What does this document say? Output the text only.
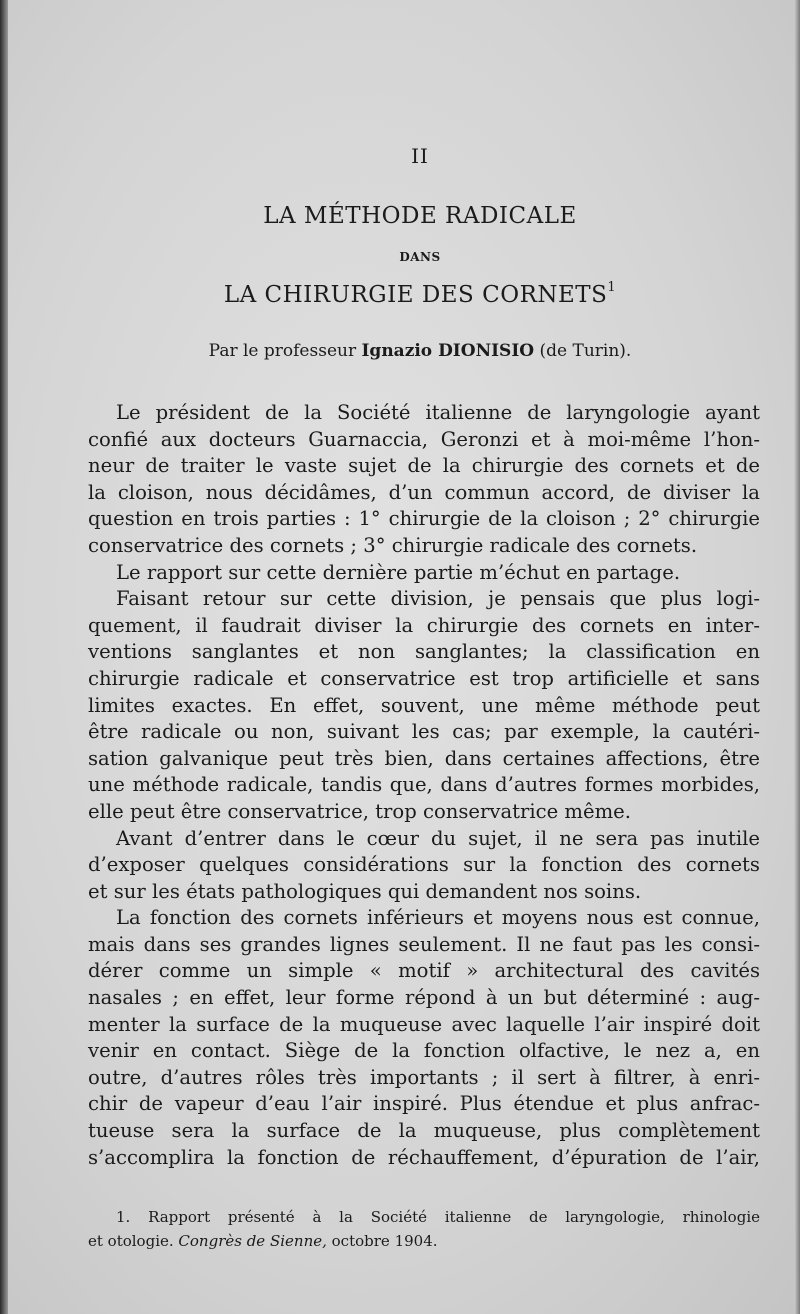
II
LA MÉTHODE RADICALE
DANS
LA CHIRURGIE DES CORNETS$^1$
Par le professeur Ignazio DIONISIO (de Turin).
Le président de la Société italienne de laryngologie ayant
confié aux docteurs Guarnaccia, Geronzi et à moi-même l’hon-
neur de traiter le vaste sujet de la chirurgie des cornets et de
la cloison, nous décidâmes, d’un commun accord, de diviser la
question en trois parties : 1° chirurgie de la cloison ; 2° chirurgie
conservatrice des cornets ; 3° chirurgie radicale des cornets.
Le rapport sur cette dernière partie m’échut en partage.
Faisant retour sur cette division, je pensais que plus logi-
quement, il faudrait diviser la chirurgie des cornets en inter-
ventions sanglantes et non sanglantes; la classification en
chirurgie radicale et conservatrice est trop artificielle et sans
limites exactes. En effet, souvent, une même méthode peut
être radicale ou non, suivant les cas; par exemple, la cautéri-
sation galvanique peut très bien, dans certaines affections, être
une méthode radicale, tandis que, dans d’autres formes morbides,
elle peut être conservatrice, trop conservatrice même.
Avant d’entrer dans le cœur du sujet, il ne sera pas inutile
d’exposer quelques considérations sur la fonction des cornets
et sur les états pathologiques qui demandent nos soins.
La fonction des cornets inférieurs et moyens nous est connue,
mais dans ses grandes lignes seulement. Il ne faut pas les consi-
dérer comme un simple « motif » architectural des cavités
nasales ; en effet, leur forme répond à un but déterminé : aug-
menter la surface de la muqueuse avec laquelle l’air inspiré doit
venir en contact. Siège de la fonction olfactive, le nez a, en
outre, d’autres rôles très importants ; il sert à filtrer, à enri-
chir de vapeur d’eau l’air inspiré. Plus étendue et plus anfrac-
tueuse sera la surface de la muqueuse, plus complètement
s’accomplira la fonction de réchauffement, d’épuration de l’air,
1. Rapport présenté à la Société italienne de laryngologie, rhinologie
et otologie. Congrès de Sienne, octobre 1904.
